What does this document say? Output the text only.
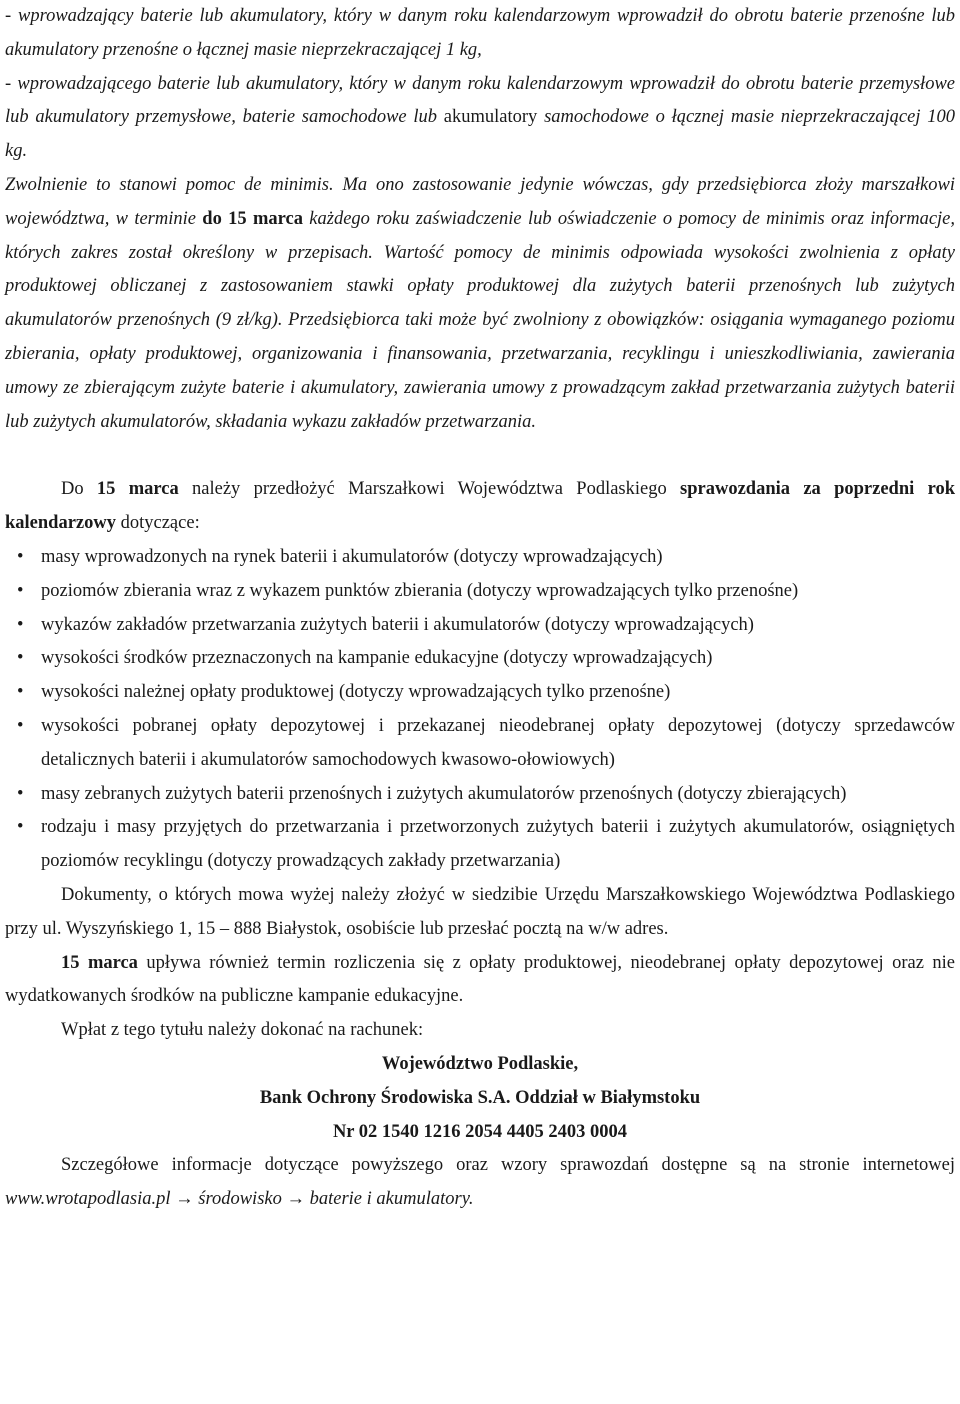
- wprowadzający baterie lub akumulatory, który w danym roku kalendarzowym wprowadził do obrotu baterie przenośne lub akumulatory przenośne o łącznej masie nieprzekraczającej 1 kg,

- wprowadzającego baterie lub akumulatory, który w danym roku kalendarzowym wprowadził do obrotu baterie przemysłowe lub akumulatory przemysłowe, baterie samochodowe lub akumulatory samochodowe o łącznej masie nieprzekraczającej 100 kg.

Zwolnienie to stanowi pomoc de minimis. Ma ono zastosowanie jedynie wówczas, gdy przedsiębiorca złoży marszałkowi województwa, w terminie do 15 marca każdego roku zaświadczenie lub oświadczenie o pomocy de minimis oraz informacje, których zakres został określony w przepisach. Wartość pomocy de minimis odpowiada wysokości zwolnienia z opłaty produktowej obliczanej z zastosowaniem stawki opłaty produktowej dla zużytych baterii przenośnych lub zużytych akumulatorów przenośnych (9 zł/kg). Przedsiębiorca taki może być zwolniony z obowiązków: osiągania wymaganego poziomu zbierania, opłaty produktowej, organizowania i finansowania, przetwarzania, recyklingu i unieszkodliwiania, zawierania umowy ze zbierającym zużyte baterie i akumulatory, zawierania umowy z prowadzącym zakład przetwarzania zużytych baterii lub zużytych akumulatorów, składania wykazu zakładów przetwarzania.

Do 15 marca należy przedłożyć Marszałkowi Województwa Podlaskiego sprawozdania za poprzedni rok kalendarzowy dotyczące:

• masy wprowadzonych na rynek baterii i akumulatorów (dotyczy wprowadzających)
• poziomów zbierania wraz z wykazem punktów zbierania (dotyczy wprowadzających tylko przenośne)
• wykazów zakładów przetwarzania zużytych baterii i akumulatorów (dotyczy wprowadzających)
• wysokości środków przeznaczonych na kampanie edukacyjne (dotyczy wprowadzających)
• wysokości należnej opłaty produktowej (dotyczy wprowadzających tylko przenośne)
• wysokości pobranej opłaty depozytowej i przekazanej nieodebranej opłaty depozytowej (dotyczy sprzedawców detalicznych baterii i akumulatorów samochodowych kwasowo-ołowiowych)
• masy zebranych zużytych baterii przenośnych i zużytych akumulatorów przenośnych (dotyczy zbierających)
• rodzaju i masy przyjętych do przetwarzania i przetworzonych zużytych baterii i zużytych akumulatorów, osiągniętych poziomów recyklingu (dotyczy prowadzących zakłady przetwarzania)

Dokumenty, o których mowa wyżej należy złożyć w siedzibie Urzędu Marszałkowskiego Województwa Podlaskiego przy ul. Wyszyńskiego 1, 15 – 888 Białystok, osobiście lub przesłać pocztą na w/w adres.

15 marca upływa również termin rozliczenia się z opłaty produktowej, nieodebranej opłaty depozytowej oraz nie wydatkowanych środków na publiczne kampanie edukacyjne.

Wpłat z tego tytułu należy dokonać na rachunek:

Województwo Podlaskie,

Bank Ochrony Środowiska S.A. Oddział w Białymstoku

Nr 02 1540 1216 2054 4405 2403 0004

Szczegółowe informacje dotyczące powyższego oraz wzory sprawozdań dostępne są na stronie internetowej www.wrotapodlasia.pl → środowisko → baterie i akumulatory.
